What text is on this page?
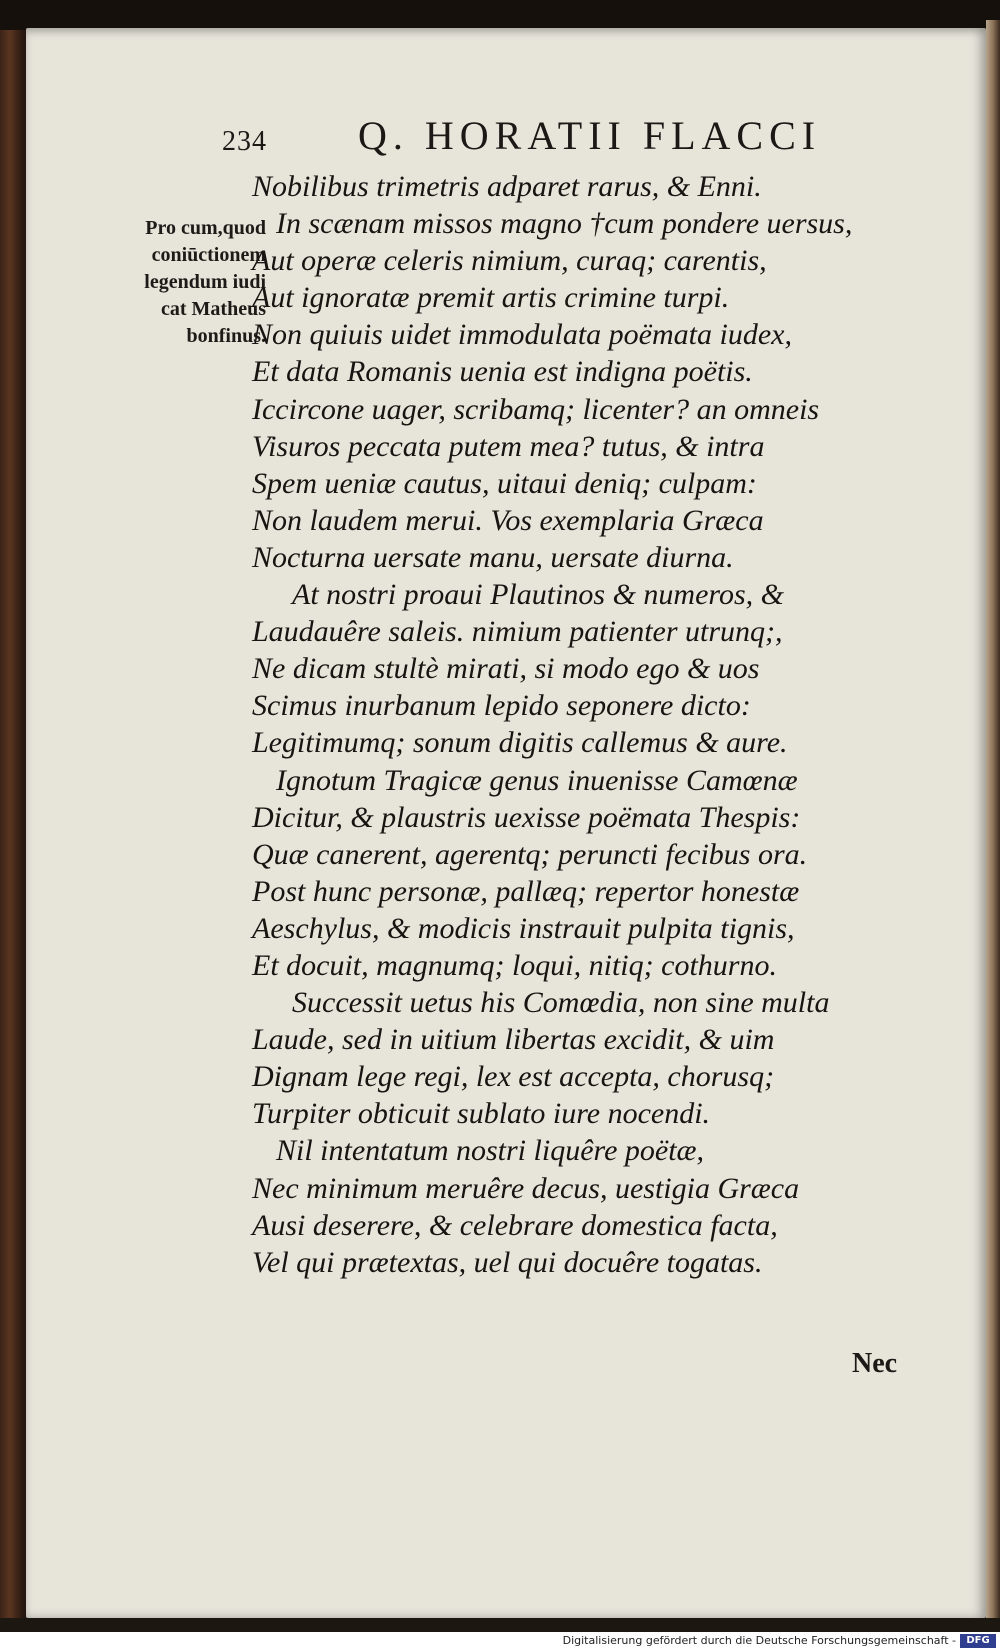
234 Q. HORATII FLACCI
Pro cum,quod
coniūctionem
legendum iudi
cat Matheus
bonfinus.
Nobilibus trimetris adparet rarus, & Enni.
In scænam missos magno †cum pondere uersus,
Aut operæ celeris nimium, curaq; carentis,
Aut ignoratæ premit artis crimine turpi.
Non quiuis uidet immodulata poëmata iudex,
Et data Romanis uenia est indigna poëtis.
Iccircone uager, scribamq; licenter? an omneis
Visuros peccata putem mea? tutus, & intra
Spem ueniæ cautus, uitaui deniq; culpam:
Non laudem merui. Vos exemplaria Græca
Nocturna uersate manu, uersate diurna.
At nostri proaui Plautinos & numeros, &
Laudauêre saleis. nimium patienter utrunq;,
Ne dicam stultè mirati, si modo ego & uos
Scimus inurbanum lepido seponere dicto:
Legitimumq; sonum digitis callemus & aure.
Ignotum Tragicæ genus inuenisse Camœnæ
Dicitur, & plaustris uexisse poëmata Thespis:
Quæ canerent, agerentq; peruncti fecibus ora.
Post hunc personæ, pallæq; repertor honestæ
Aeschylus, & modicis instrauit pulpita tignis,
Et docuit, magnumq; loqui, nitiq; cothurno.
Successit uetus his Comœdia, non sine multa
Laude, sed in uitium libertas excidit, & uim
Dignam lege regi, lex est accepta, chorusq;
Turpiter obticuit sublato iure nocendi.
Nil intentatum nostri liquêre poëtæ,
Nec minimum meruêre decus, uestigia Græca
Ausi deserere, & celebrare domestica facta,
Vel qui prætextas, uel qui docuêre togatas.
Nec
Digitalisierung gefördert durch die Deutsche Forschungsgemeinschaft -	DFG
